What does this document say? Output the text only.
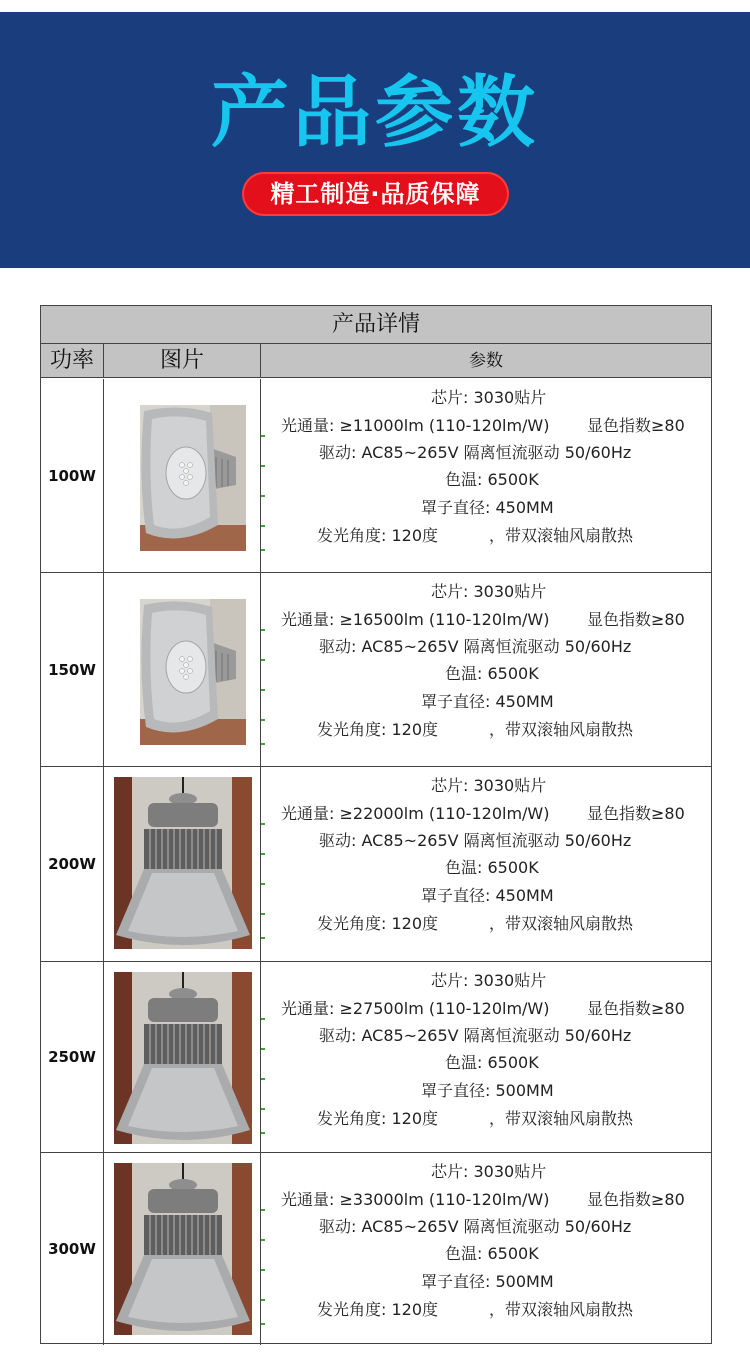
产品参数
精工制造·品质保障
产品详情
功率	图片	参数
100W
芯片: 3030贴片
光通量: ≥11000lm (110-120lm/W) 显色指数≥80
驱动: AC85~265V 隔离恒流驱动 50/60Hz
色温: 6500K
罩子直径: 450MM
发光角度: 120度	，带双滚轴风扇散热
150W
芯片: 3030贴片
光通量: ≥16500lm (110-120lm/W) 显色指数≥80
驱动: AC85~265V 隔离恒流驱动 50/60Hz
色温: 6500K
罩子直径: 450MM
发光角度: 120度	，带双滚轴风扇散热
200W
芯片: 3030贴片
光通量: ≥22000lm (110-120lm/W) 显色指数≥80
驱动: AC85~265V 隔离恒流驱动 50/60Hz
色温: 6500K
罩子直径: 450MM
发光角度: 120度	，带双滚轴风扇散热
250W
芯片: 3030贴片
光通量: ≥27500lm (110-120lm/W) 显色指数≥80
驱动: AC85~265V 隔离恒流驱动 50/60Hz
色温: 6500K
罩子直径: 500MM
发光角度: 120度	，带双滚轴风扇散热
300W
芯片: 3030贴片
光通量: ≥33000lm (110-120lm/W) 显色指数≥80
驱动: AC85~265V 隔离恒流驱动 50/60Hz
色温: 6500K
罩子直径: 500MM
发光角度: 120度	，带双滚轴风扇散热
